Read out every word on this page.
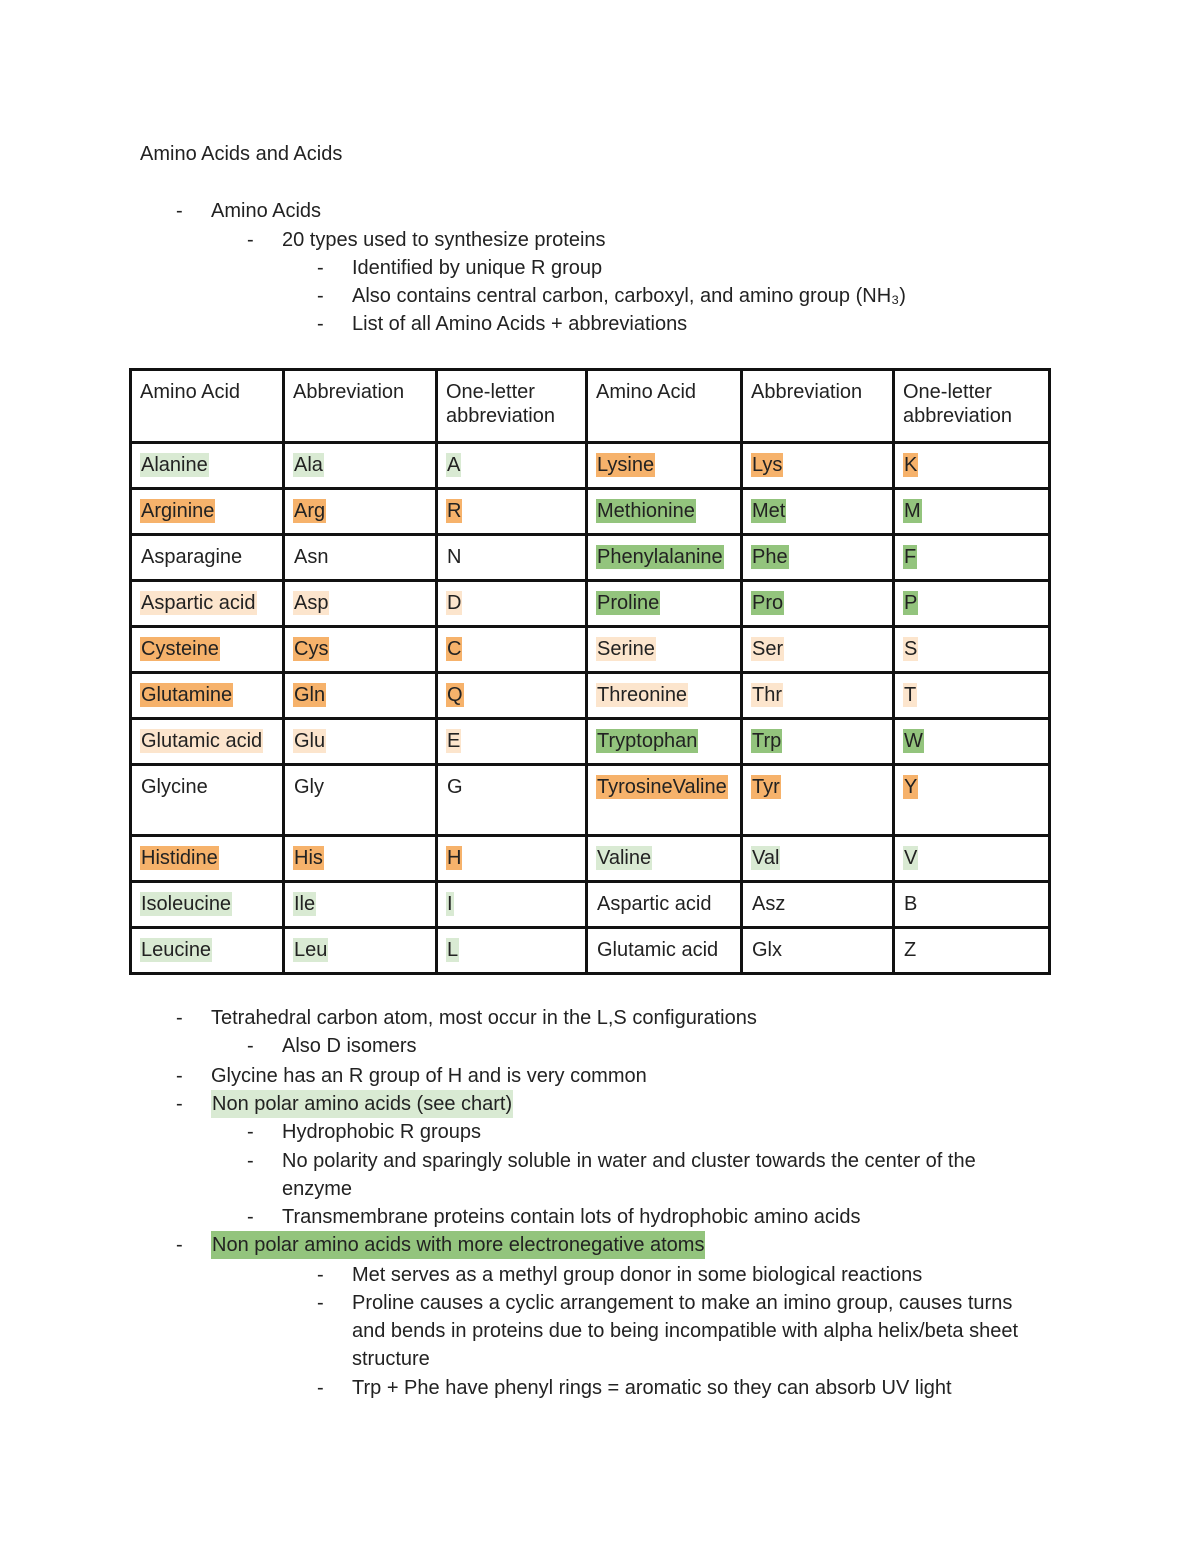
Amino Acids and Acids
- Amino Acids
- 20 types used to synthesize proteins
- Identified by unique R group
- Also contains central carbon, carboxyl, and amino group (NH₃)
- List of all Amino Acids + abbreviations
Amino Acid	Abbreviation	One-letter abbreviation	Amino Acid	Abbreviation	One-letter abbreviation
Alanine	Ala	A	Lysine	Lys	K
Arginine	Arg	R	Methionine	Met	M
Asparagine	Asn	N	Phenylalanine	Phe	F
Aspartic acid	Asp	D	Proline	Pro	P
Cysteine	Cys	C	Serine	Ser	S
Glutamine	Gln	Q	Threonine	Thr	T
Glutamic acid	Glu	E	Tryptophan	Trp	W
Glycine	Gly	G	TyrosineValine	Tyr	Y
Histidine	His	H	Valine	Val	V
Isoleucine	Ile	I	Aspartic acid	Asz	B
Leucine	Leu	L	Glutamic acid	Glx	Z
- Tetrahedral carbon atom, most occur in the L,S configurations
- Also D isomers
- Glycine has an R group of H and is very common
- Non polar amino acids (see chart)
- Hydrophobic R groups
- No polarity and sparingly soluble in water and cluster towards the center of the enzyme
- Transmembrane proteins contain lots of hydrophobic amino acids
- Non polar amino acids with more electronegative atoms
- Met serves as a methyl group donor in some biological reactions
- Proline causes a cyclic arrangement to make an imino group, causes turns and bends in proteins due to being incompatible with alpha helix/beta sheet structure
- Trp + Phe have phenyl rings = aromatic so they can absorb UV light
